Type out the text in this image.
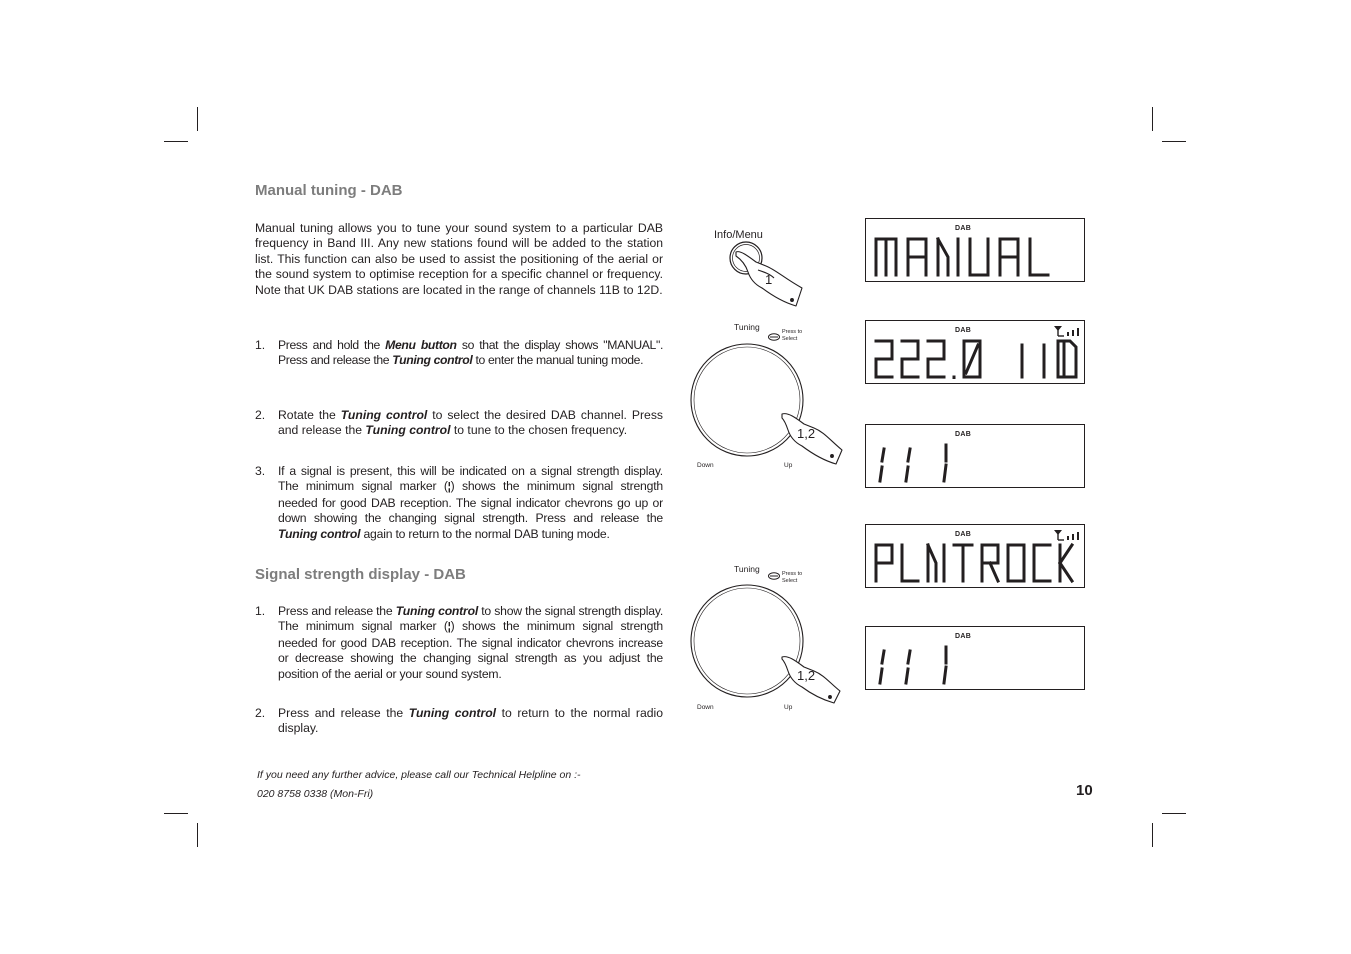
Manual tuning - DAB

Manual tuning allows you to tune your sound system to a particular DAB frequency in Band III. Any new stations found will be added to the station list. This function can also be used to assist the positioning of the aerial or the sound system to optimise reception for a specific channel or frequency. Note that UK DAB stations are located in the range of channels 11B to 12D.

1. Press and hold the Menu button so that the display shows "MANUAL". Press and release the Tuning control to enter the manual tuning mode.
2. Rotate the Tuning control to select the desired DAB channel. Press and release the Tuning control to tune to the chosen frequency.
3. If a signal is present, this will be indicated on a signal strength display. The minimum signal marker (¦) shows the minimum signal strength needed for good DAB reception. The signal indicator chevrons go up or down showing the changing signal strength. Press and release the Tuning control again to return to the normal DAB tuning mode.
Signal strength display - DAB
1. Press and release the Tuning control to show the signal strength display. The minimum signal marker (¦) shows the minimum signal strength needed for good DAB reception. The signal indicator chevrons increase or decrease showing the changing signal strength as you adjust the position of the aerial or your sound system.
2. Press and release the Tuning control to return to the normal radio display.
If you need any further advice, please call our Technical Helpline on :-
020 8758 0338 (Mon-Fri)	10
Info/Menu
1
Tuning	Press to
Select
1,2
Down	Up
Tuning	Press to
Select
1,2
Down	Up
DAB
DAB
DAB
DAB
DAB
